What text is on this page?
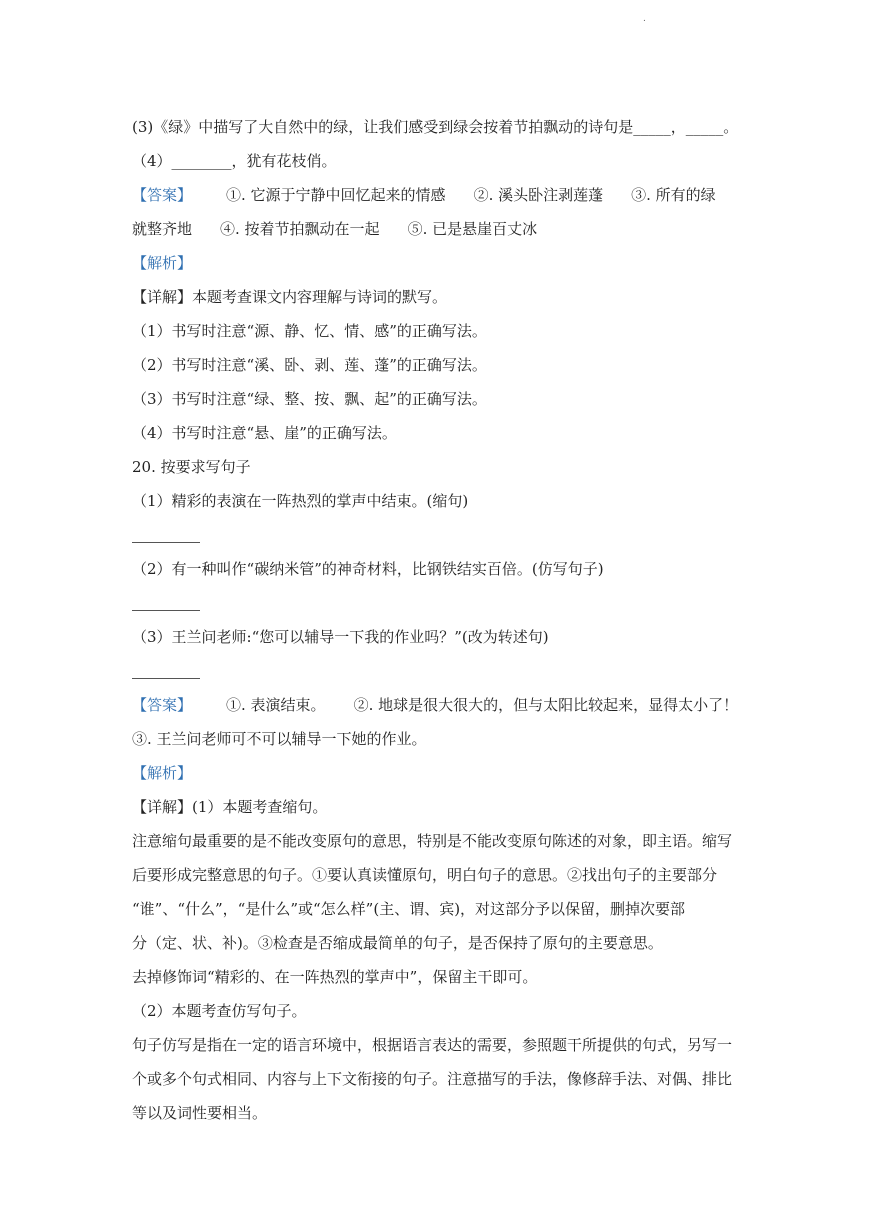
.
(3)《绿》中描写了大自然中的绿，让我们感受到绿会按着节拍飘动的诗句是_____，_____。
（4）________，犹有花枝俏。
【答案】 ①. 它源于宁静中回忆起来的情感 ②. 溪头卧注剥莲蓬 ③. 所有的绿
就整齐地 ④. 按着节拍飘动在一起 ⑤. 已是悬崖百丈冰
【解析】
【详解】本题考查课文内容理解与诗词的默写。
（1）书写时注意“源、静、忆、情、感”的正确写法。
（2）书写时注意“溪、卧、剥、莲、蓬”的正确写法。
（3）书写时注意“绿、整、按、飘、起”的正确写法。
（4）书写时注意“悬、崖”的正确写法。
20. 按要求写句子
（1）精彩的表演在一阵热烈的掌声中结束。(缩句)
（2）有一种叫作“碳纳米管”的神奇材料，比钢铁结实百倍。(仿写句子)
（3）王兰问老师:“您可以辅导一下我的作业吗？”(改为转述句)
【答案】 ①. 表演结束。 ②. 地球是很大很大的，但与太阳比较起来，显得太小了！
③. 王兰问老师可不可以辅导一下她的作业。
【解析】
【详解】(1）本题考查缩句。
注意缩句最重要的是不能改变原句的意思，特别是不能改变原句陈述的对象，即主语。缩写
后要形成完整意思的句子。①要认真读懂原句，明白句子的意思。②找出句子的主要部分
“谁”、“什么”，“是什么”或“怎么样”(主、谓、宾)，对这部分予以保留，删掉次要部
分（定、状、补)。③检查是否缩成最简单的句子，是否保持了原句的主要意思。
去掉修饰词“精彩的、在一阵热烈的掌声中”，保留主干即可。
（2）本题考查仿写句子。
句子仿写是指在一定的语言环境中，根据语言表达的需要，参照题干所提供的句式，另写一
个或多个句式相同、内容与上下文衔接的句子。注意描写的手法，像修辞手法、对偶、排比
等以及词性要相当。
